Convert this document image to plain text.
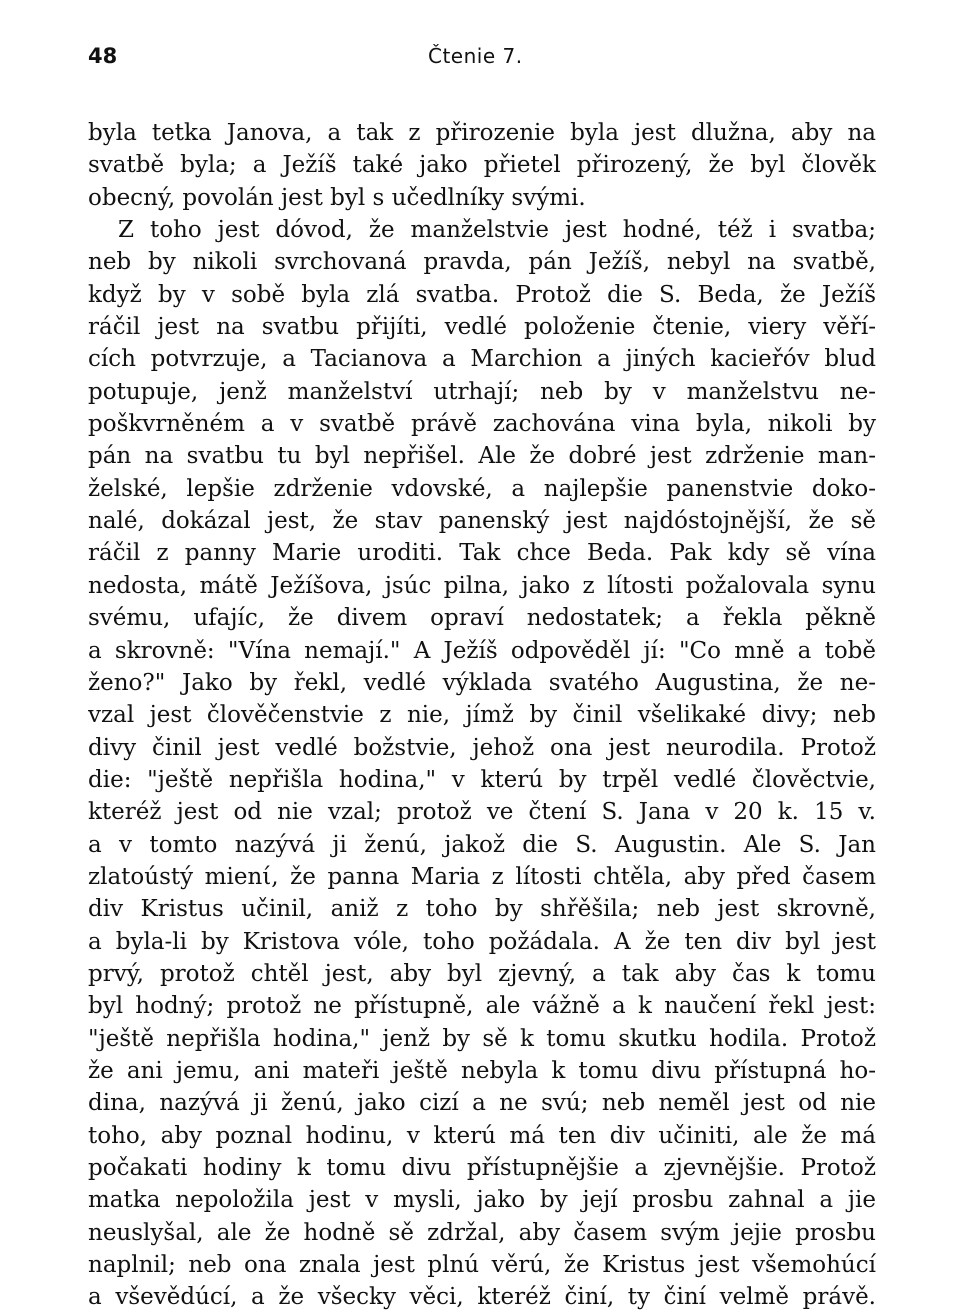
48	Čtenie 7.
byla tetka Janova, a tak z přirozenie byla jest dlužna, aby na
svatbě byla; a Ježíš také jako přietel přirozený, že byl člověk
obecný, povolán jest byl s učedlníky svými.
Z toho jest dóvod, že manželstvie jest hodné, též i svatba;
neb by nikoli svrchovaná pravda, pán Ježíš, nebyl na svatbě,
když by v sobě byla zlá svatba. Protož die S. Beda, že Ježíš
ráčil jest na svatbu přijíti, vedlé položenie čtenie, viery věří-
cích potvrzuje, a Tacianova a Marchion a jiných kacieřóv blud
potupuje, jenž manželství utrhají; neb by v manželstvu ne-
poškvrněném a v svatbě právě zachována vina byla, nikoli by
pán na svatbu tu byl nepřišel. Ale že dobré jest zdrženie man-
želské, lepšie zdrženie vdovské, a najlepšie panenstvie doko-
nalé, dokázal jest, že stav panenský jest najdóstojnější, že sě
ráčil z panny Marie uroditi. Tak chce Beda. Pak kdy sě vína
nedosta, mátě Ježíšova, jsúc pilna, jako z lítosti požalovala synu
svému, ufajíc, že divem opraví nedostatek; a řekla pěkně
a skrovně: "Vína nemají." A Ježíš odpověděl jí: "Co mně a tobě
ženo?" Jako by řekl, vedlé výklada svatého Augustina, že ne-
vzal jest člověčenstvie z nie, jímž by činil všelikaké divy; neb
divy činil jest vedlé božstvie, jehož ona jest neurodila. Protož
die: "ještě nepřišla hodina," v kterú by trpěl vedlé člověctvie,
kteréž jest od nie vzal; protož ve čtení S. Jana v 20 k. 15 v.
a v tomto nazývá ji ženú, jakož die S. Augustin. Ale S. Jan
zlatoústý mienί, že panna Maria z lítosti chtěla, aby před časem
div Kristus učinil, aniž z toho by shřěšila; neb jest skrovně,
a byla-li by Kristova vóle, toho požádala. A že ten div byl jest
prvý, protož chtěl jest, aby byl zjevný, a tak aby čas k tomu
byl hodný; protož ne přístupně, ale vážně a k naučení řekl jest:
"ještě nepřišla hodina," jenž by sě k tomu skutku hodila. Protož
že ani jemu, ani mateři ještě nebyla k tomu divu přístupná ho-
dina, nazývá ji ženú, jako cizí a ne svú; neb neměl jest od nie
toho, aby poznal hodinu, v kterú má ten div učiniti, ale že má
počakati hodiny k tomu divu přístupnějšie a zjevnějšie. Protož
matka nepoložila jest v mysli, jako by její prosbu zahnal a jie
neuslyšal, ale že hodně sě zdržal, aby časem svým jejie prosbu
naplnil; neb ona znala jest plnú věrú, že Kristus jest všemohúcí
a vševědúcí, a že všecky věci, kteréž činí, ty činí velmě právě.
